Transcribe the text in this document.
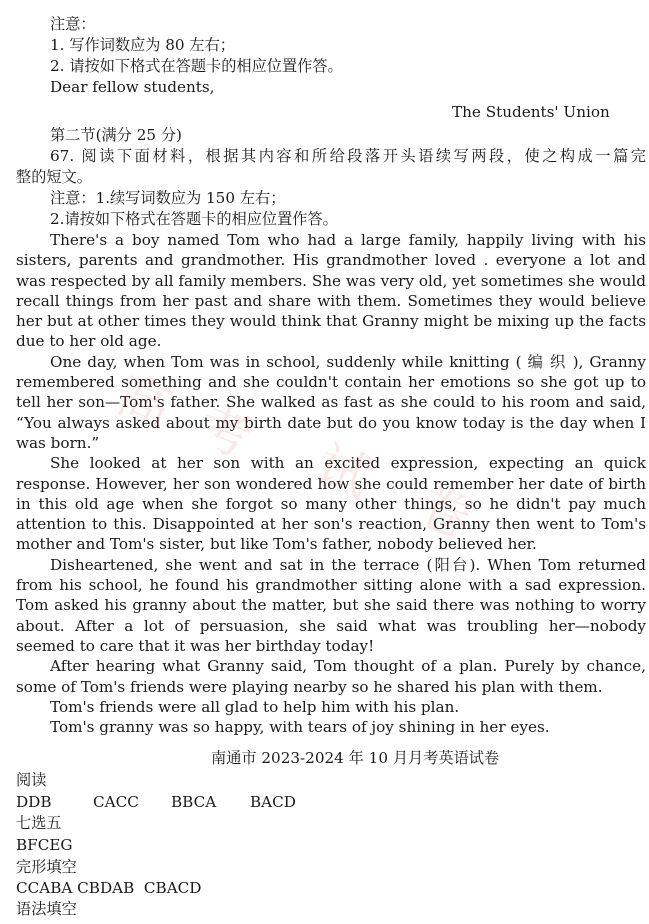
注意：
1. 写作词数应为 80 左右；
2. 请按如下格式在答题卡的相应位置作答。
Dear fellow students,
The Students' Union
第二节(满分 25 分)
67. 阅读下面材料，根据其内容和所给段落开头语续写两段，使之构成一篇完
整的短文。
注意：1.续写词数应为 150 左右；
2.请按如下格式在答题卡的相应位置作答。

There's a boy named Tom who had a large family, happily living with his sisters, parents and grandmother. His grandmother loved . everyone a lot and was respected by all family members. She was very old, yet sometimes she would recall things from her past and share with them. Sometimes they would believe her but at other times they would think that Granny might be mixing up the facts due to her old age.

One day, when Tom was in school, suddenly while knitting ( 编 织 ), Granny remembered something and she couldn't contain her emotions so she got up to tell her son—Tom's father. She walked as fast as she could to his room and said, “You always asked about my birth date but do you know today is the day when I was born.”

She looked at her son with an excited expression, expecting an quick response. However, her son wondered how she could remember her date of birth in this old age when she forgot so many other things, so he didn't pay much attention to this. Disappointed at her son's reaction, Granny then went to Tom's mother and Tom's sister, but like Tom's father, nobody believed her.

Disheartened, she went and sat in the terrace (阳台). When Tom returned from his school, he found his grandmother sitting alone with a sad expression. Tom asked his granny about the matter, but she said there was nothing to worry about. After a lot of persuasion, she said what was troubling her—nobody seemed to care that it was her birthday today!

After hearing what Granny said, Tom thought of a plan. Purely by chance, some of Tom's friends were playing nearby so he shared his plan with them.

Tom's friends were all glad to help him with his plan.

Tom's granny was so happy, with tears of joy shining in her eyes.

南通市 2023-2024 年 10 月月考英语试卷
阅读
DDB	CACC BBCA BACD
七选五
BFCEG
完形填空
CCABA CBDAB  CBACD
语法填空
高 考
试
卷
